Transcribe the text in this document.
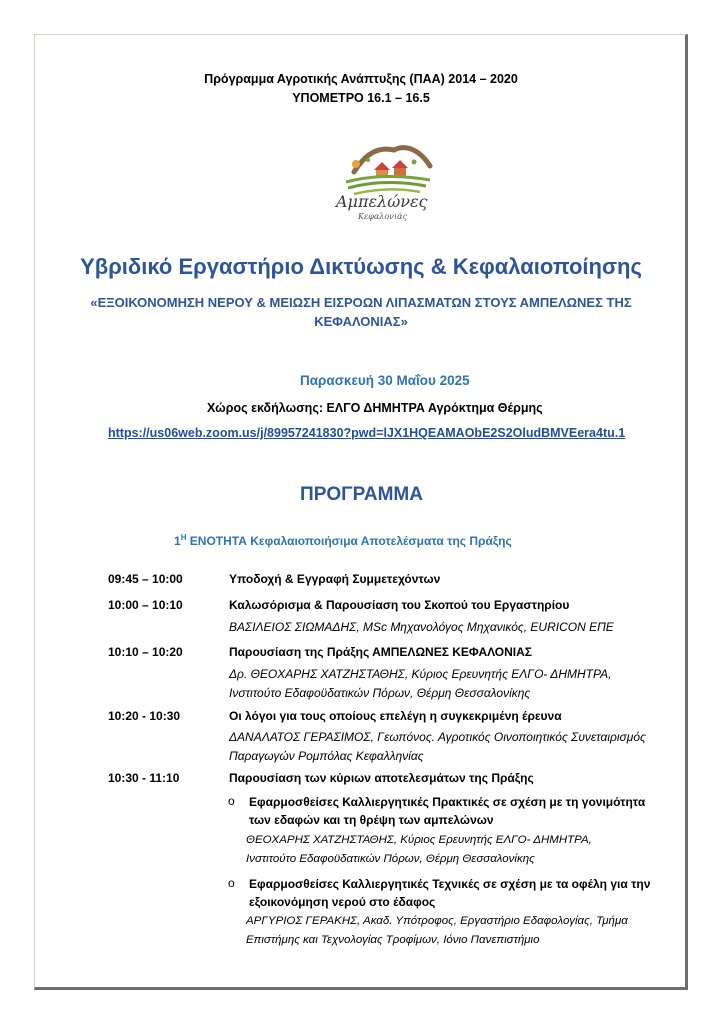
Πρόγραμμα Αγροτικής Ανάπτυξης (ΠΑΑ) 2014 – 2020
ΥΠΟΜΕΤΡΟ 16.1 – 16.5
Αμπελώνες
Κεφαλονιάς
Υβριδικό Εργαστήριο Δικτύωσης & Κεφαλαιοποίησης
«ΕΞΟΙΚΟΝΟΜΗΣΗ ΝΕΡΟΥ & ΜΕΙΩΣΗ ΕΙΣΡΟΩΝ ΛΙΠΑΣΜΑΤΩΝ ΣΤΟΥΣ ΑΜΠΕΛΩΝΕΣ ΤΗΣ
ΚΕΦΑΛΟΝΙΑΣ»
Παρασκευή 30 Μαΐου 2025
Χώρος εκδήλωσης: ΕΛΓΟ ΔΗΜΗΤΡΑ Αγρόκτημα Θέρμης
https://us06web.zoom.us/j/89957241830?pwd=lJX1HQEAMAObE2S2OludBMVEera4tu.1
ΠΡΟΓΡΑΜΜΑ
$1^H$ ΕΝΟΤΗΤΑ Κεφαλαιοποιήσιμα Αποτελέσματα της Πράξης
09:45 – 10:00	Υποδοχή & Εγγραφή Συμμετεχόντων
10:00 – 10:10	Καλωσόρισμα & Παρουσίαση του Σκοπού του Εργαστηρίου
ΒΑΣΙΛΕΙΟΣ ΣΙΩΜΑΔΗΣ, MSc Μηχανολόγος Μηχανικός, EURICON ΕΠΕ
10:10 – 10:20	Παρουσίαση της Πράξης ΑΜΠΕΛΩΝΕΣ ΚΕΦΑΛΟΝΙΑΣ
Δρ. ΘΕΟΧΑΡΗΣ ΧΑΤΖΗΣΤΑΘΗΣ, Κύριος Ερευνητής ΕΛΓΟ- ΔΗΜΗΤΡΑ,
Ινστιτούτο Εδαφοϋδατικών Πόρων, Θέρμη Θεσσαλονίκης
10:20 - 10:30	Οι λόγοι για τους οποίους επελέγη η συγκεκριμένη έρευνα
ΔΑΝΑΛΑΤΟΣ ΓΕΡΑΣΙΜΟΣ, Γεωπόνος. Αγροτικός Οινοποιητικός Συνεταιρισμός
Παραγωγών Ρομπόλας Κεφαλληνίας
10:30 - 11:10	Παρουσίαση των κύριων αποτελεσμάτων της Πράξης
o Εφαρμοσθείσες Καλλιεργητικές Πρακτικές σε σχέση με τη γονιμότητα
των εδαφών και τη θρέψη των αμπελώνων
ΘΕΟΧΑΡΗΣ ΧΑΤΖΗΣΤΑΘΗΣ, Κύριος Ερευνητής ΕΛΓΟ- ΔΗΜΗΤΡΑ,
Ινστιτούτο Εδαφοϋδατικών Πόρων, Θέρμη Θεσσαλονίκης
o Εφαρμοσθείσες Καλλιεργητικές Τεχνικές σε σχέση με τα οφέλη για την
εξοικονόμηση νερού στο έδαφος
ΑΡΓΥΡΙΟΣ ΓΕΡΑΚΗΣ, Ακαδ. Υπότροφος, Εργαστήριο Εδαφολογίας, Τμήμα
Επιστήμης και Τεχνολογίας Τροφίμων, Ιόνιο Πανεπιστήμιο
